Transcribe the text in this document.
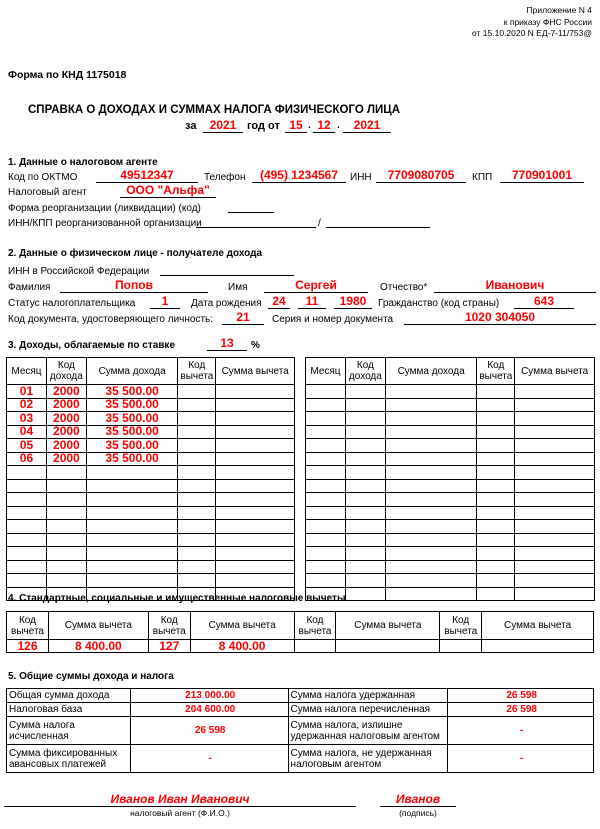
Приложение N 4
к приказу ФНС России
от 15.10.2020 N ЕД-7-11/753@
Форма по КНД 1175018
СПРАВКА О ДОХОДАХ И СУММАХ НАЛОГА ФИЗИЧЕСКОГО ЛИЦА
за	2021 год от 15 . 12 .	2021
1. Данные о налоговом агенте
Код по ОКТМО	49512347	Телефон	(495) 1234567	ИНН	7709080705	КПП	770901001
Налоговый агент	ООО "Альфа"
Форма реорганизации (ликвидации) (код)
ИНН/КПП реорганизованной организации	/
2. Данные о физическом лице - получателе дохода
ИНН в Российской Федерации
Фамилия	Попов	Имя	Сергей	Отчество*	Иванович
Статус налогоплательщика	1	Дата рождения 24	11	1980	Гражданство (код страны)	643
Код документа, удостоверяющего личность:	21	Серия и номер документа	1020 304050
3. Доходы, облагаемые по ставке	13	%
Месяц	Код дохода	Сумма дохода	Код вычета	Сумма вычета
01	2000	35 500.00		
02	2000	35 500.00		
03	2000	35 500.00		
04	2000	35 500.00		
05	2000	35 500.00		
06	2000	35 500.00		

Месяц	Код дохода	Сумма дохода	Код вычета	Сумма вычета

4. Стандартные, социальные и имущественные налоговые вычеты
Код вычета	Сумма вычета	Код вычета	Сумма вычета	Код вычета	Сумма вычета	Код вычета	Сумма вычета
126	8 400.00	127	8 400.00				
5. Общие суммы дохода и налога
Общая сумма дохода	213 000.00	Сумма налога удержанная	26 598
Налоговая база	204 600.00	Сумма налога перечисленная	26 598
Сумма налога исчисленная	26 598	Сумма налога, излишне удержанная налоговым агентом	-
Сумма фиксированных авансовых платежей	-	Сумма налога, не удержанная налоговым агентом	-
Иванов Иван Иванович
налоговый агент (Ф.И.О.)
Иванов
(подпись)
